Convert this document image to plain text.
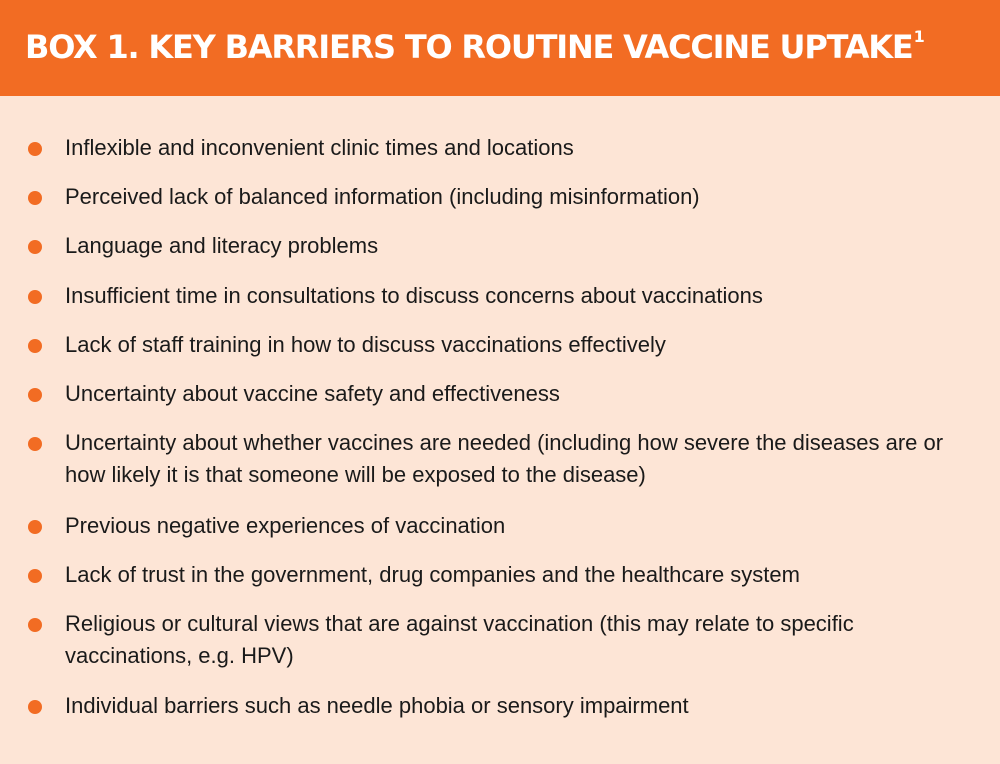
BOX 1. KEY BARRIERS TO ROUTINE VACCINE UPTAKE$^1$
Inflexible and inconvenient clinic times and locations
Perceived lack of balanced information (including misinformation)
Language and literacy problems
Insufficient time in consultations to discuss concerns about vaccinations
Lack of staff training in how to discuss vaccinations effectively
Uncertainty about vaccine safety and effectiveness
Uncertainty about whether vaccines are needed (including how severe the diseases are or how likely it is that someone will be exposed to the disease)
Previous negative experiences of vaccination
Lack of trust in the government, drug companies and the healthcare system
Religious or cultural views that are against vaccination (this may relate to specific vaccinations, e.g. HPV)
Individual barriers such as needle phobia or sensory impairment
